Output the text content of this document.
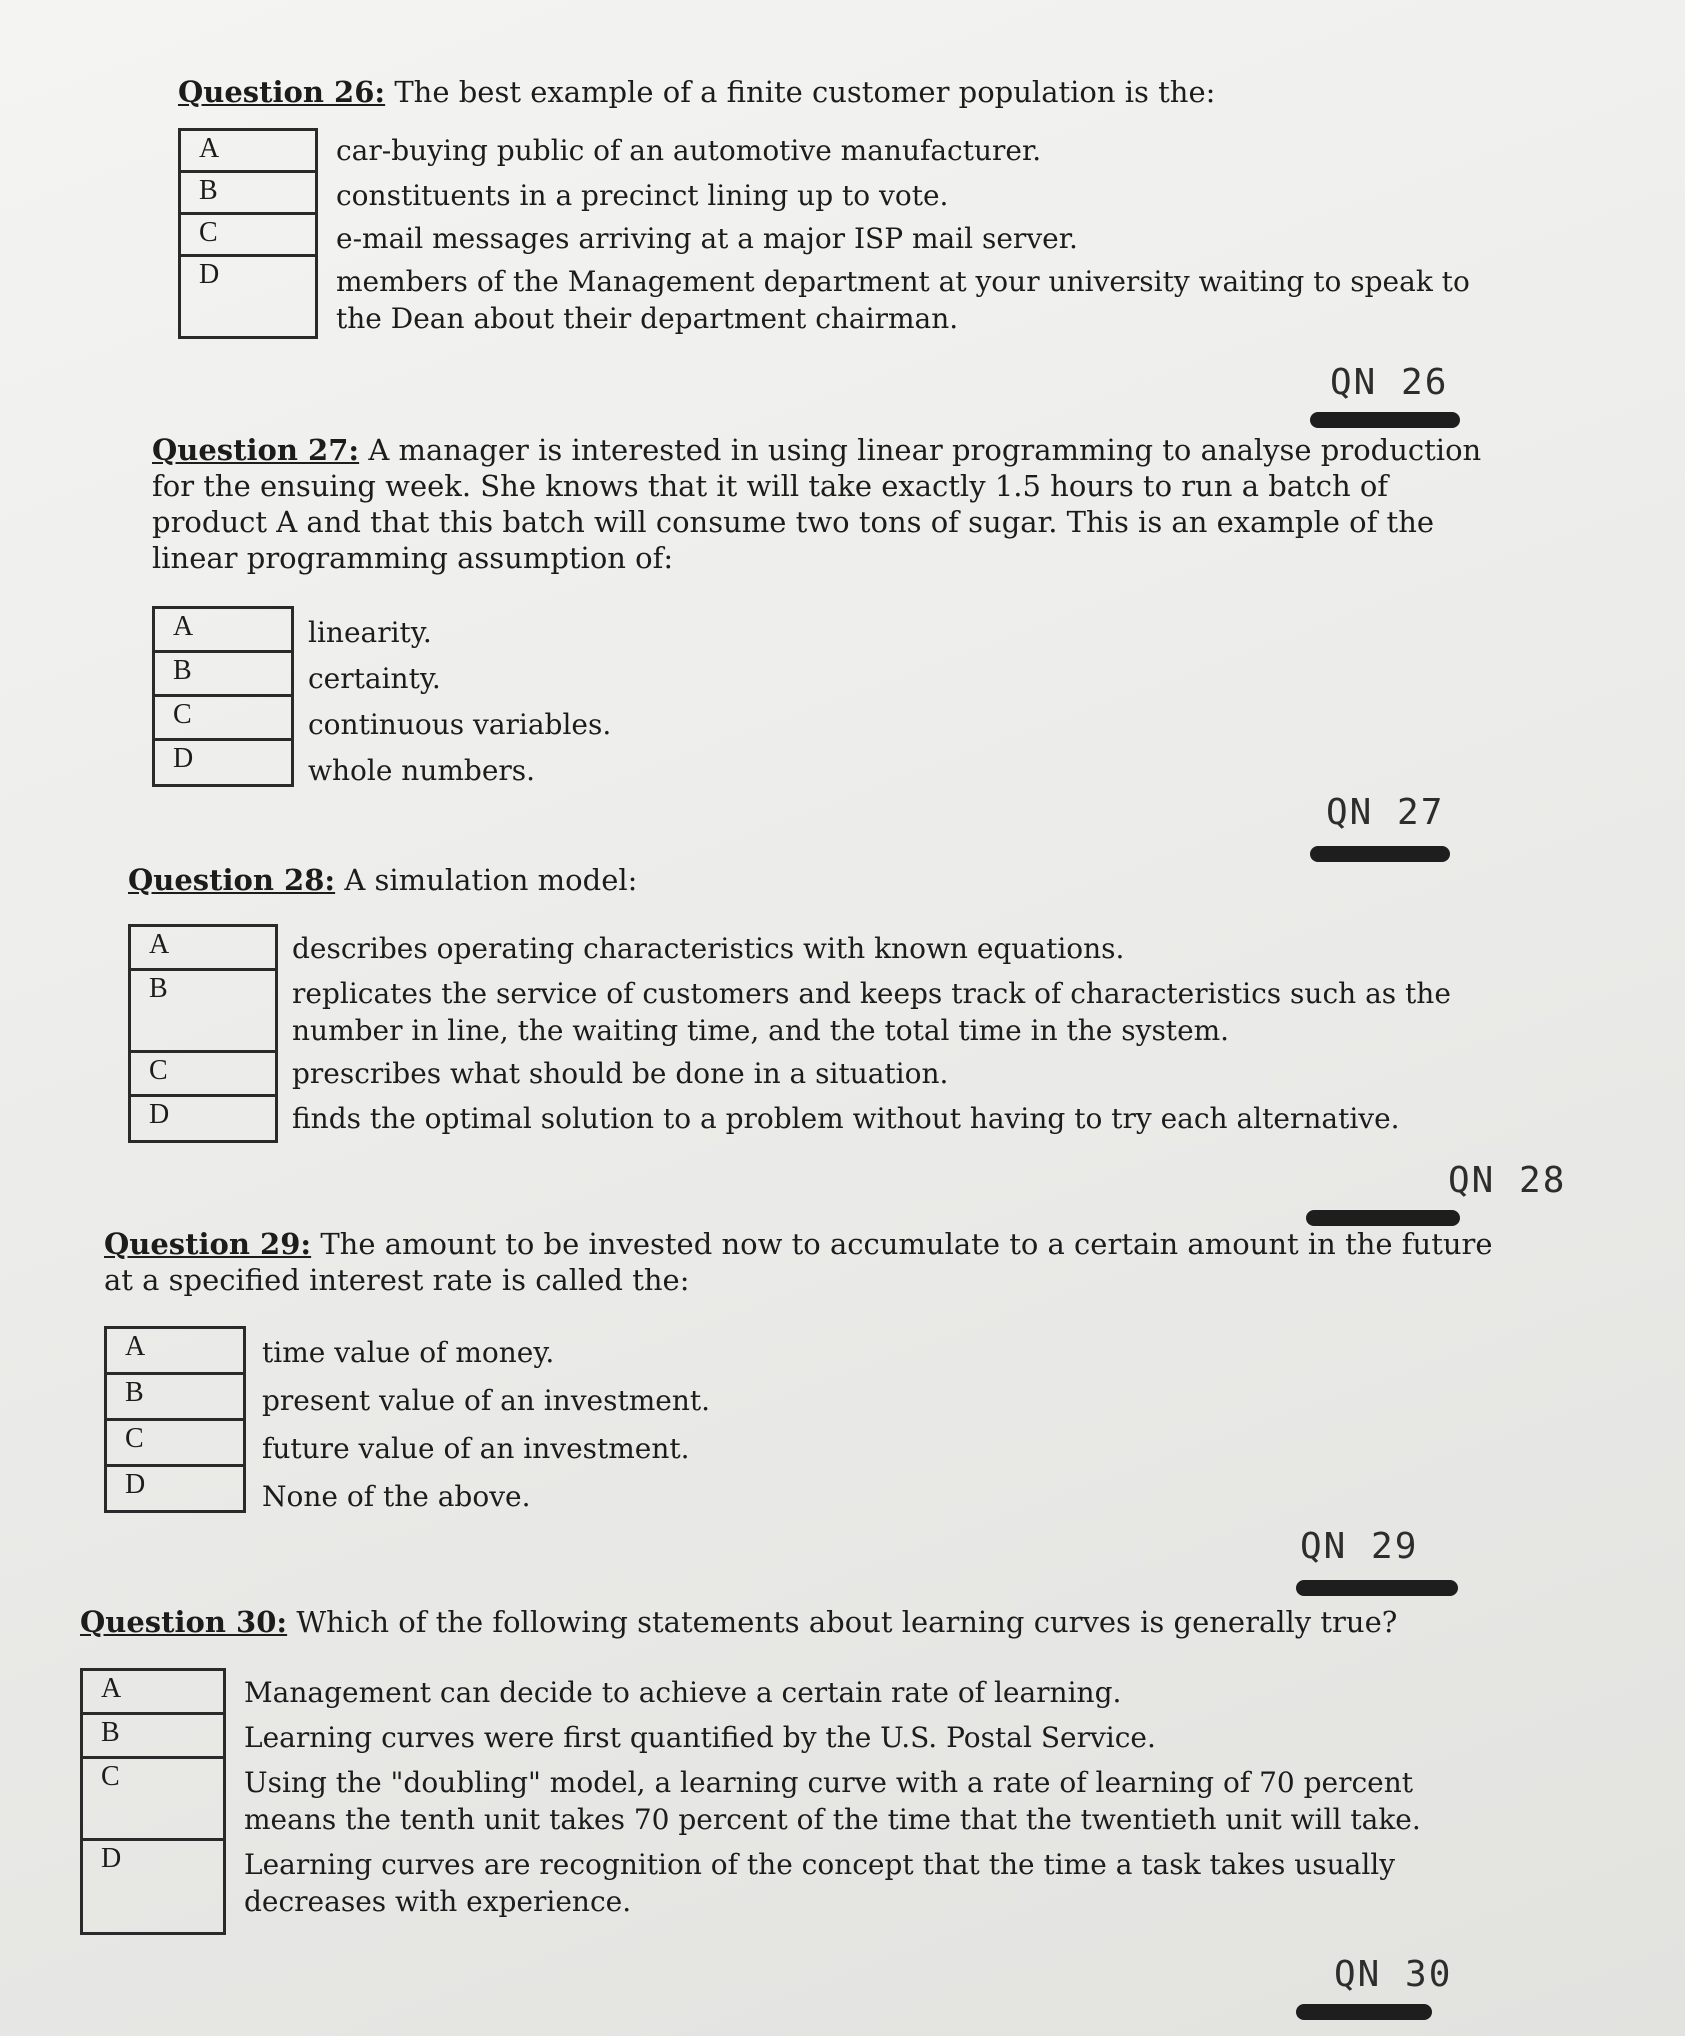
Question 26: The best example of a finite customer population is the:

A
B
C
D

car-buying public of an automotive manufacturer.

constituents in a precinct lining up to vote.

e-mail messages arriving at a major ISP mail server.

members of the Management department at your university waiting to speak to

the Dean about their department chairman.

QN 26

Question 27: A manager is interested in using linear programming to analyse production for the ensuing week. She knows that it will take exactly 1.5 hours to run a batch of product A and that this batch will consume two tons of sugar. This is an example of the linear programming assumption of:

A
B
C
D

linearity.

certainty.

continuous variables.

whole numbers.

QN 27

Question 28: A simulation model:

A
B
C
D

describes operating characteristics with known equations.

replicates the service of customers and keeps track of characteristics such as the

number in line, the waiting time, and the total time in the system.

prescribes what should be done in a situation.

finds the optimal solution to a problem without having to try each alternative.

QN 28

Question 29: The amount to be invested now to accumulate to a certain amount in the future at a specified interest rate is called the:

A
B
C
D

time value of money.

present value of an investment.

future value of an investment.

None of the above.

QN 29

Question 30: Which of the following statements about learning curves is generally true?

A
B
C
D

Management can decide to achieve a certain rate of learning.

Learning curves were first quantified by the U.S. Postal Service.

Using the "doubling" model, a learning curve with a rate of learning of 70 percent

means the tenth unit takes 70 percent of the time that the twentieth unit will take.

Learning curves are recognition of the concept that the time a task takes usually

decreases with experience.

QN 30
